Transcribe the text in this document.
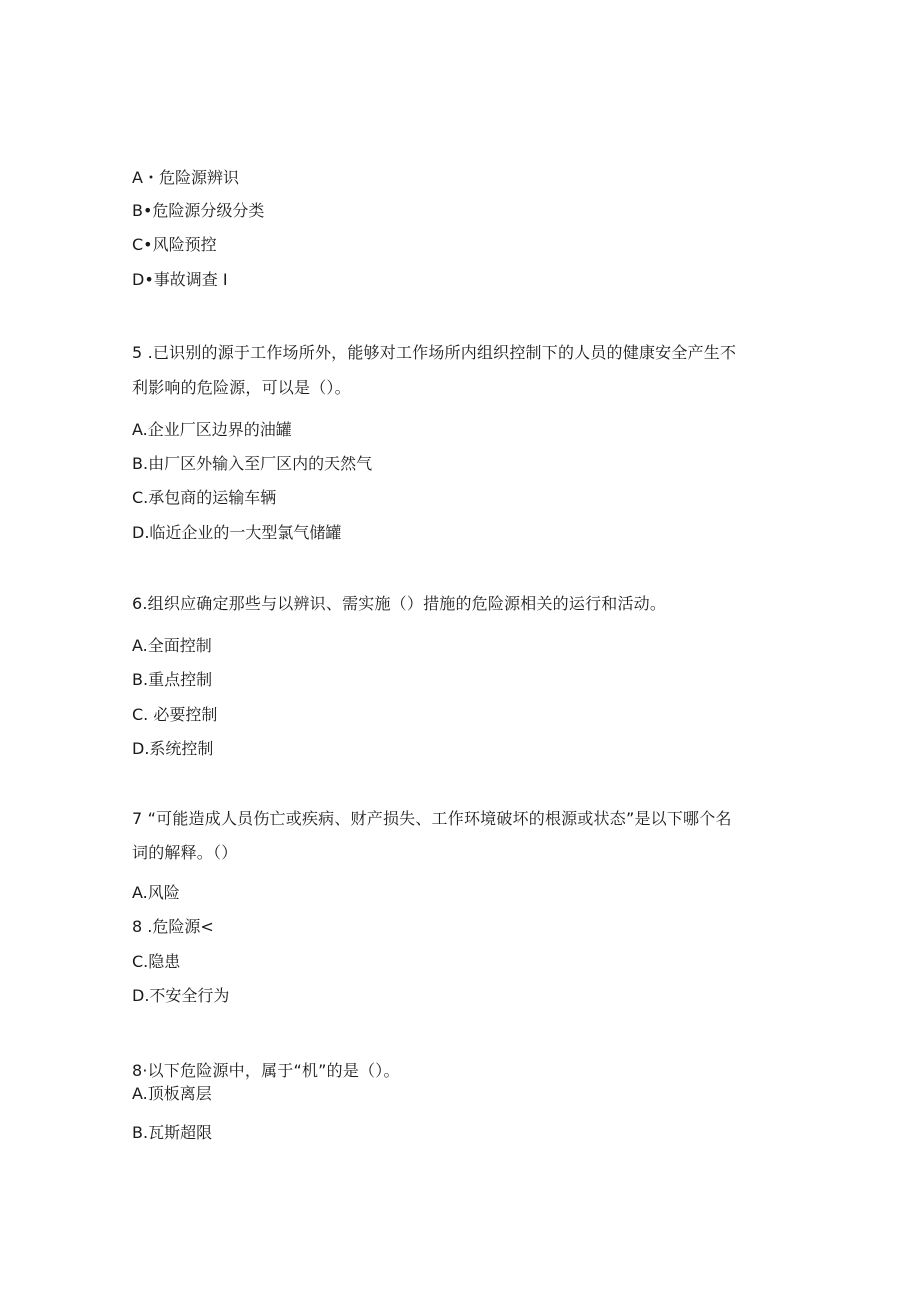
A・危险源辨识
B•危险源分级分类
C•风险预控
D•事故调查 I
5 .已识别的源于工作场所外，能够对工作场所内组织控制下的人员的健康安全产生不
利影响的危险源，可以是（）。
A.企业厂区边界的油罐
B.由厂区外输入至厂区内的天然气
C.承包商的运输车辆
D.临近企业的一大型氯气储罐
6.组织应确定那些与以辨识、需实施（）措施的危险源相关的运行和活动。
A.全面控制
B.重点控制
C. 必要控制
D.系统控制
7 “可能造成人员伤亡或疾病、财产损失、工作环境破坏的根源或状态”是以下哪个名
词的解释。（）
A.风险
8 .危险源<
C.隐患
D.不安全行为
8·以下危险源中，属于“机”的是（）。
A.顶板离层
B.瓦斯超限
